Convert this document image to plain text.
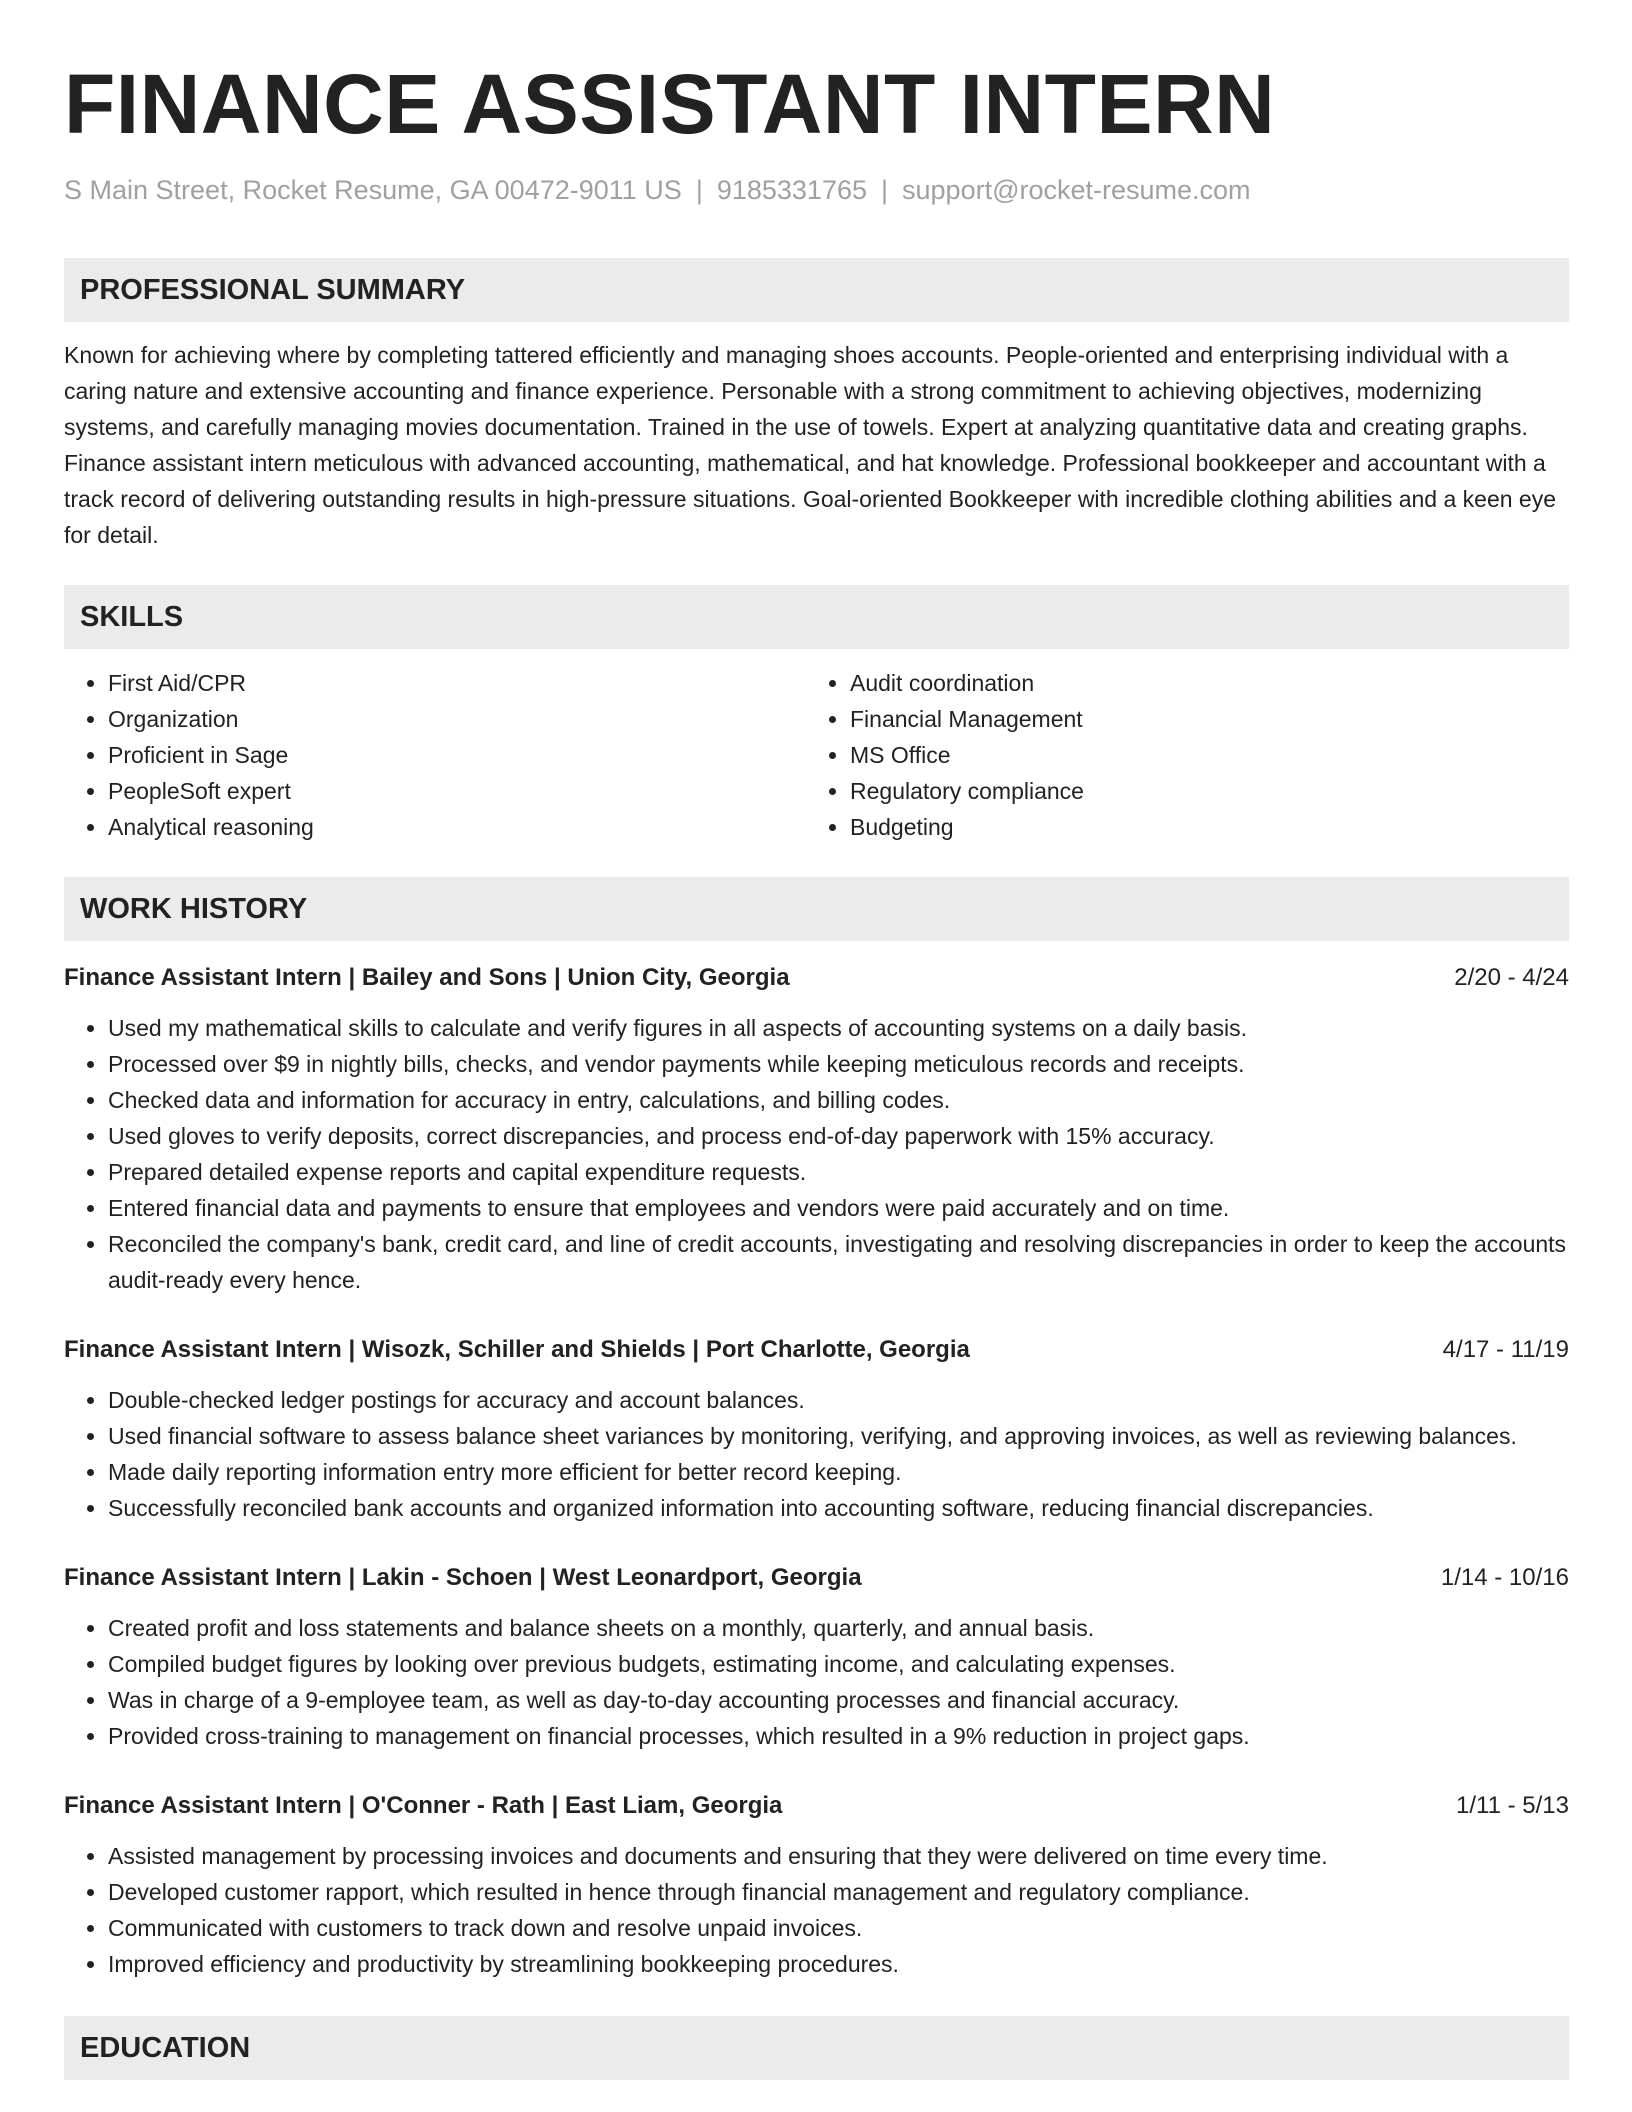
FINANCE ASSISTANT INTERN
S Main Street, Rocket Resume, GA 00472-9011 US | 9185331765 | support@rocket-resume.com
PROFESSIONAL SUMMARY
Known for achieving where by completing tattered efficiently and managing shoes accounts. People-oriented and enterprising individual with a caring nature and extensive accounting and finance experience. Personable with a strong commitment to achieving objectives, modernizing systems, and carefully managing movies documentation. Trained in the use of towels. Expert at analyzing quantitative data and creating graphs. Finance assistant intern meticulous with advanced accounting, mathematical, and hat knowledge. Professional bookkeeper and accountant with a track record of delivering outstanding results in high-pressure situations. Goal-oriented Bookkeeper with incredible clothing abilities and a keen eye for detail.
SKILLS
• First Aid/CPR
• Organization
• Proficient in Sage
• PeopleSoft expert
• Analytical reasoning
• Audit coordination
• Financial Management
• MS Office
• Regulatory compliance
• Budgeting
WORK HISTORY
Finance Assistant Intern | Bailey and Sons | Union City, Georgia	2/20 - 4/24
• Used my mathematical skills to calculate and verify figures in all aspects of accounting systems on a daily basis.
• Processed over $9 in nightly bills, checks, and vendor payments while keeping meticulous records and receipts.
• Checked data and information for accuracy in entry, calculations, and billing codes.
• Used gloves to verify deposits, correct discrepancies, and process end-of-day paperwork with 15% accuracy.
• Prepared detailed expense reports and capital expenditure requests.
• Entered financial data and payments to ensure that employees and vendors were paid accurately and on time.
• Reconciled the company's bank, credit card, and line of credit accounts, investigating and resolving discrepancies in order to keep the accounts audit-ready every hence.
Finance Assistant Intern | Wisozk, Schiller and Shields | Port Charlotte, Georgia	4/17 - 11/19
• Double-checked ledger postings for accuracy and account balances.
• Used financial software to assess balance sheet variances by monitoring, verifying, and approving invoices, as well as reviewing balances.
• Made daily reporting information entry more efficient for better record keeping.
• Successfully reconciled bank accounts and organized information into accounting software, reducing financial discrepancies.
Finance Assistant Intern | Lakin - Schoen | West Leonardport, Georgia	1/14 - 10/16
• Created profit and loss statements and balance sheets on a monthly, quarterly, and annual basis.
• Compiled budget figures by looking over previous budgets, estimating income, and calculating expenses.
• Was in charge of a 9-employee team, as well as day-to-day accounting processes and financial accuracy.
• Provided cross-training to management on financial processes, which resulted in a 9% reduction in project gaps.
Finance Assistant Intern | O'Conner - Rath | East Liam, Georgia	1/11 - 5/13
• Assisted management by processing invoices and documents and ensuring that they were delivered on time every time.
• Developed customer rapport, which resulted in hence through financial management and regulatory compliance.
• Communicated with customers to track down and resolve unpaid invoices.
• Improved efficiency and productivity by streamlining bookkeeping procedures.
EDUCATION
